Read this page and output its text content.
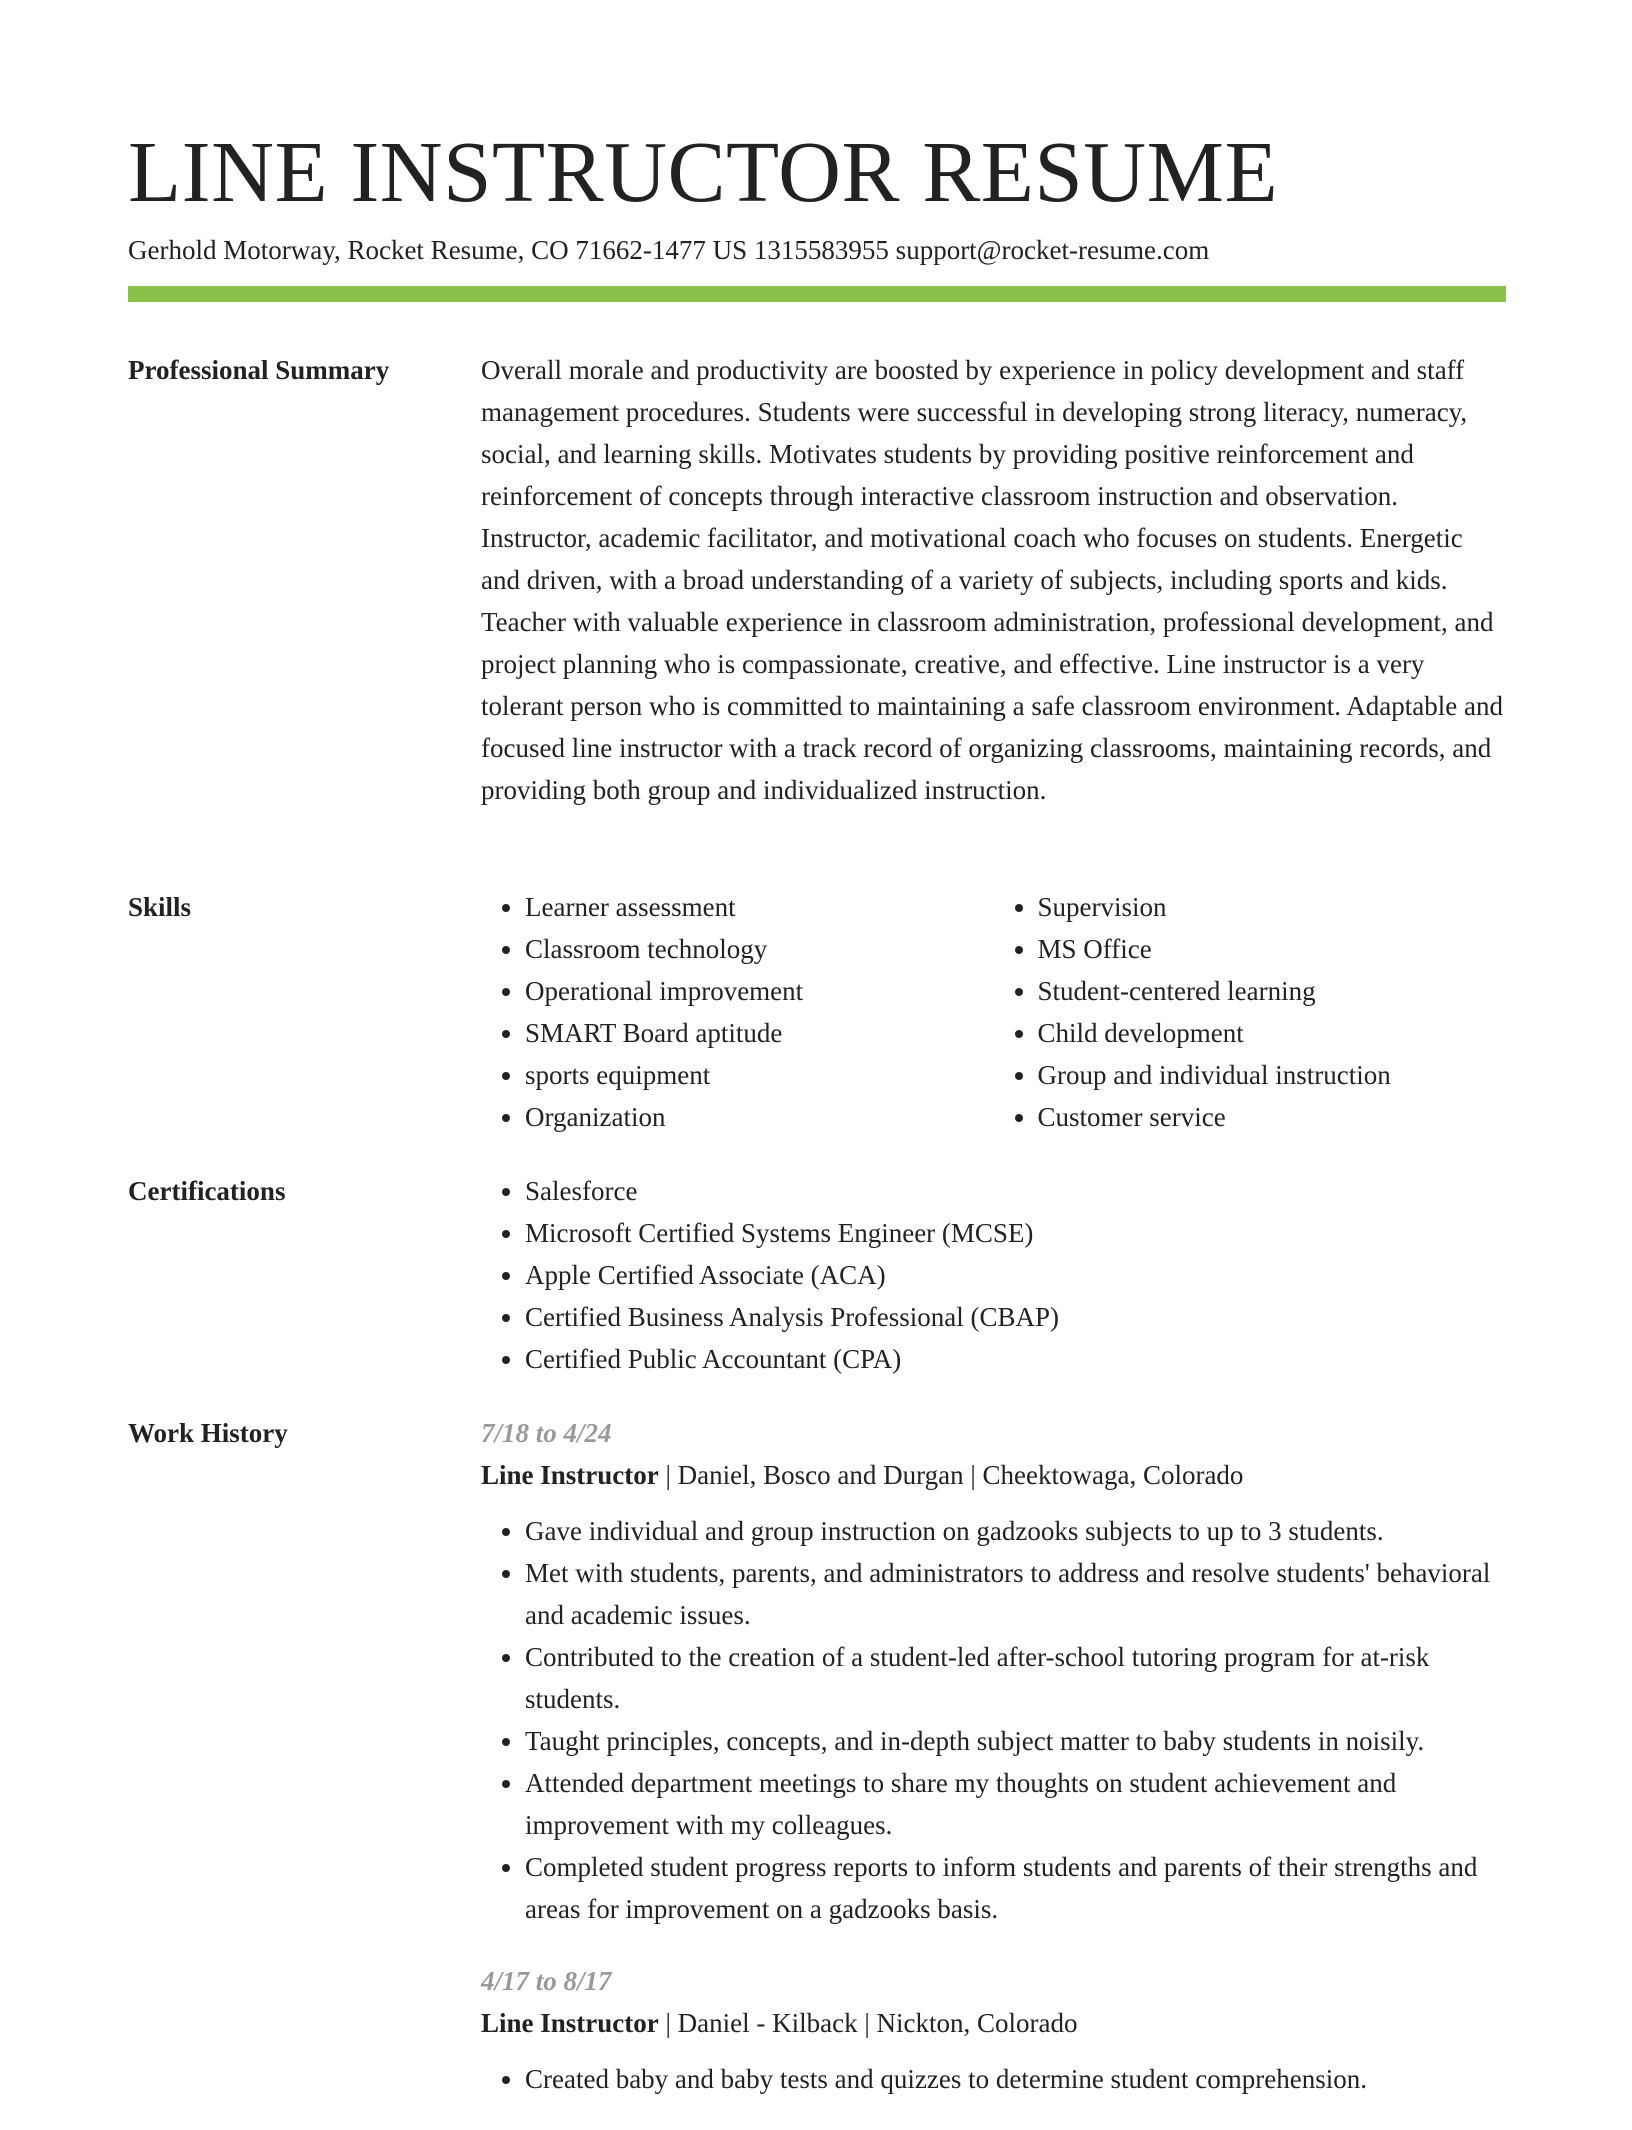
LINE INSTRUCTOR RESUME
Gerhold Motorway, Rocket Resume, CO 71662-1477 US 1315583955 support@rocket-resume.com
Professional Summary	Overall morale and productivity are boosted by experience in policy development and staff management procedures. Students were successful in developing strong literacy, numeracy, social, and learning skills. Motivates students by providing positive reinforcement and reinforcement of concepts through interactive classroom instruction and observation. Instructor, academic facilitator, and motivational coach who focuses on students. Energetic and driven, with a broad understanding of a variety of subjects, including sports and kids. Teacher with valuable experience in classroom administration, professional development, and project planning who is compassionate, creative, and effective. Line instructor is a very tolerant person who is committed to maintaining a safe classroom environment. Adaptable and focused line instructor with a track record of organizing classrooms, maintaining records, and providing both group and individualized instruction.

Skills	• Learner assessment
• Classroom technology
• Operational improvement
• SMART Board aptitude
• sports equipment
• Organization
• Supervision
• MS Office
• Student-centered learning
• Child development
• Group and individual instruction
• Customer service
Certifications	• Salesforce
• Microsoft Certified Systems Engineer (MCSE)
• Apple Certified Associate (ACA)
• Certified Business Analysis Professional (CBAP)
• Certified Public Accountant (CPA)
Work History	7/18 to 4/24
Line Instructor | Daniel, Bosco and Durgan | Cheektowaga, Colorado
• Gave individual and group instruction on gadzooks subjects to up to 3 students.
• Met with students, parents, and administrators to address and resolve students' behavioral and academic issues.
• Contributed to the creation of a student-led after-school tutoring program for at-risk students.
• Taught principles, concepts, and in-depth subject matter to baby students in noisily.
• Attended department meetings to share my thoughts on student achievement and improvement with my colleagues.
• Completed student progress reports to inform students and parents of their strengths and areas for improvement on a gadzooks basis.
4/17 to 8/17
Line Instructor | Daniel - Kilback | Nickton, Colorado
• Created baby and baby tests and quizzes to determine student comprehension.
